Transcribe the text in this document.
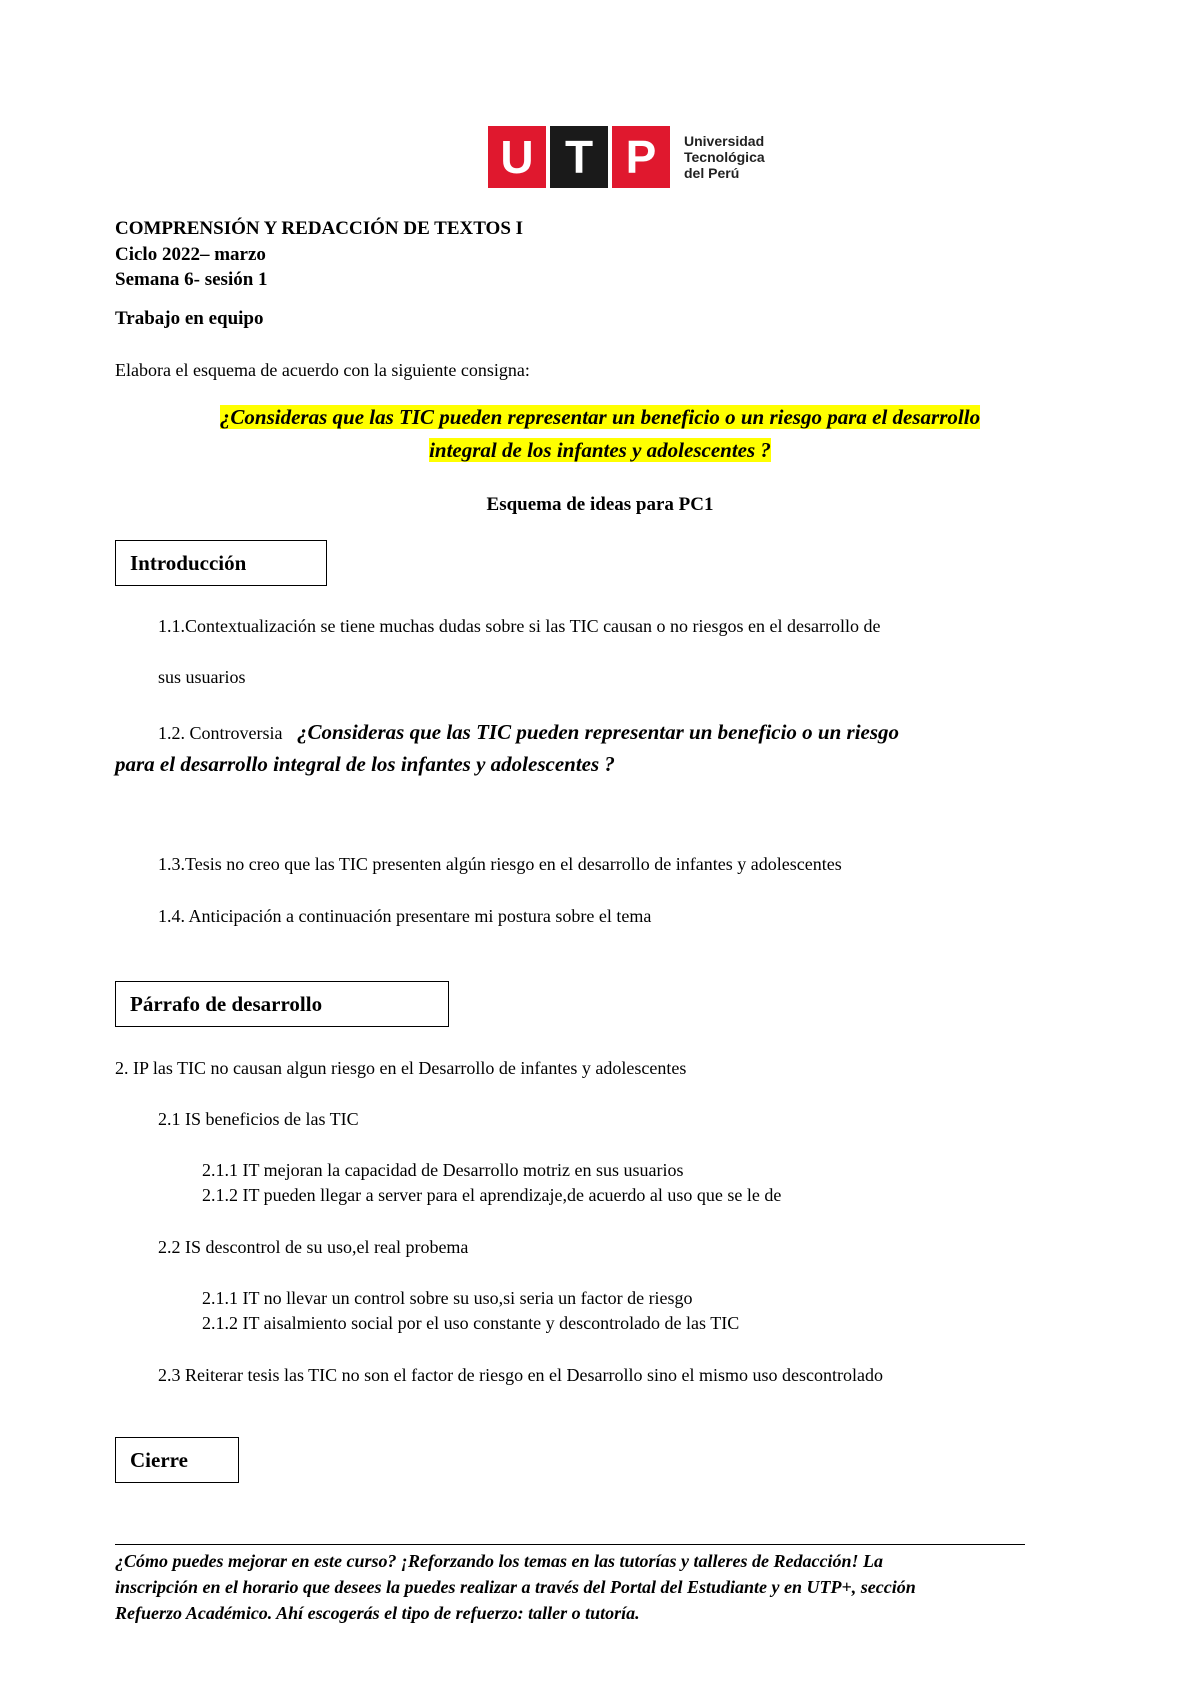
U T P	Universidad
Tecnológica
del Perú
COMPRENSIÓN Y REDACCIÓN DE TEXTOS I
Ciclo 2022– marzo
Semana 6- sesión 1
Trabajo en equipo
Elabora el esquema de acuerdo con la siguiente consigna:
¿Consideras que las TIC pueden representar un beneficio o un riesgo para el desarrollo
integral de los infantes y adolescentes ?
Esquema de ideas para PC1
Introducción
1.1.Contextualización se tiene muchas dudas sobre si las TIC causan o no riesgos en el desarrollo de
sus usuarios
1.2. Controversia ¿Consideras que las TIC pueden representar un beneficio o un riesgo
para el desarrollo integral de los infantes y adolescentes ?
1.3.Tesis no creo que las TIC presenten algún riesgo en el desarrollo de infantes y adolescentes
1.4. Anticipación a continuación presentare mi postura sobre el tema
Párrafo de desarrollo
2. IP las TIC no causan algun riesgo en el Desarrollo de infantes y adolescentes
2.1 IS beneficios de las TIC
2.1.1 IT mejoran la capacidad de Desarrollo motriz en sus usuarios
2.1.2 IT pueden llegar a server para el aprendizaje,de acuerdo al uso que se le de
2.2 IS descontrol de su uso,el real probema
2.1.1 IT no llevar un control sobre su uso,si seria un factor de riesgo
2.1.2 IT aisalmiento social por el uso constante y descontrolado de las TIC
2.3 Reiterar tesis las TIC no son el factor de riesgo en el Desarrollo sino el mismo uso descontrolado
Cierre
¿Cómo puedes mejorar en este curso? ¡Reforzando los temas en las tutorías y talleres de Redacción! La
inscripción en el horario que desees la puedes realizar a través del Portal del Estudiante y en UTP+, sección
Refuerzo Académico. Ahí escogerás el tipo de refuerzo: taller o tutoría.
